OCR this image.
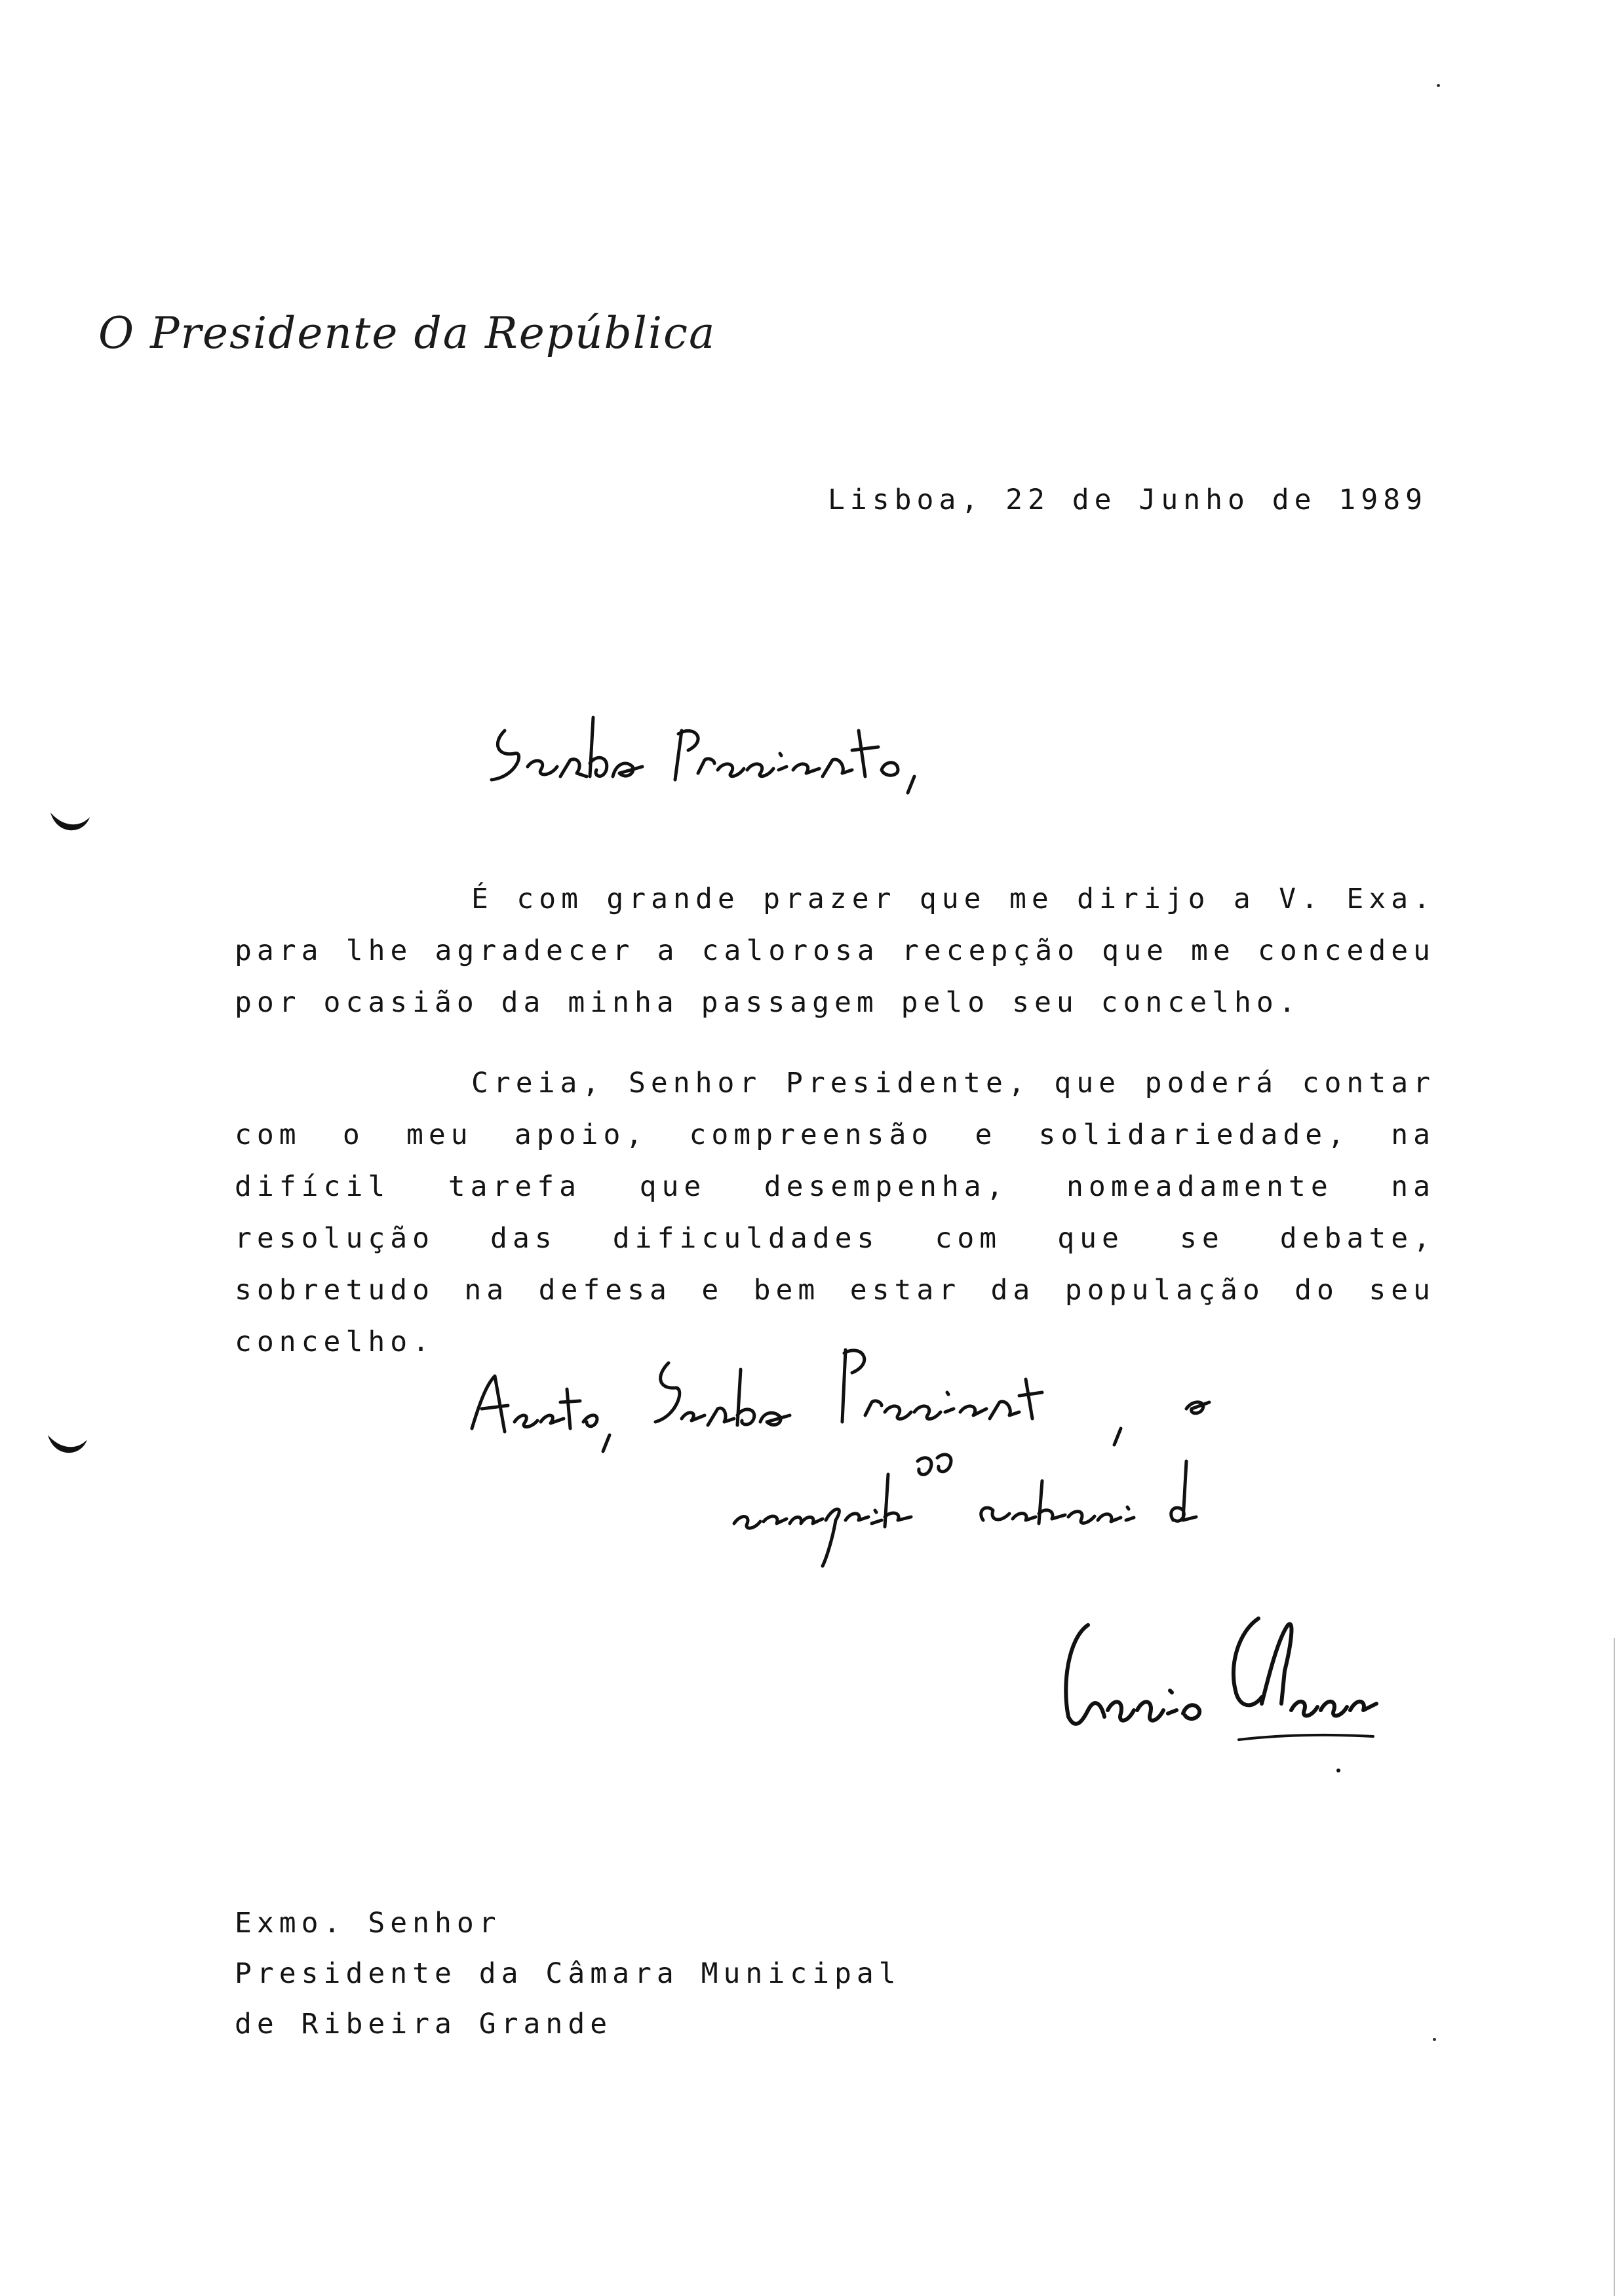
O Presidente da República
Lisboa, 22 de Junho de 1989
É com grande prazer que me dirijo a V. Exa. para lhe agradecer a calorosa recepção que me concedeu por ocasião da minha passagem pelo seu concelho.
Creia, Senhor Presidente, que poderá contar com o meu apoio, compreensão e solidariedade, na difícil tarefa que desempenha, nomeadamente na resolução das dificuldades com que se debate, sobretudo na defesa e bem estar da população do seu concelho.
Exmo. Senhor
Presidente da Câmara Municipal
de Ribeira Grande
